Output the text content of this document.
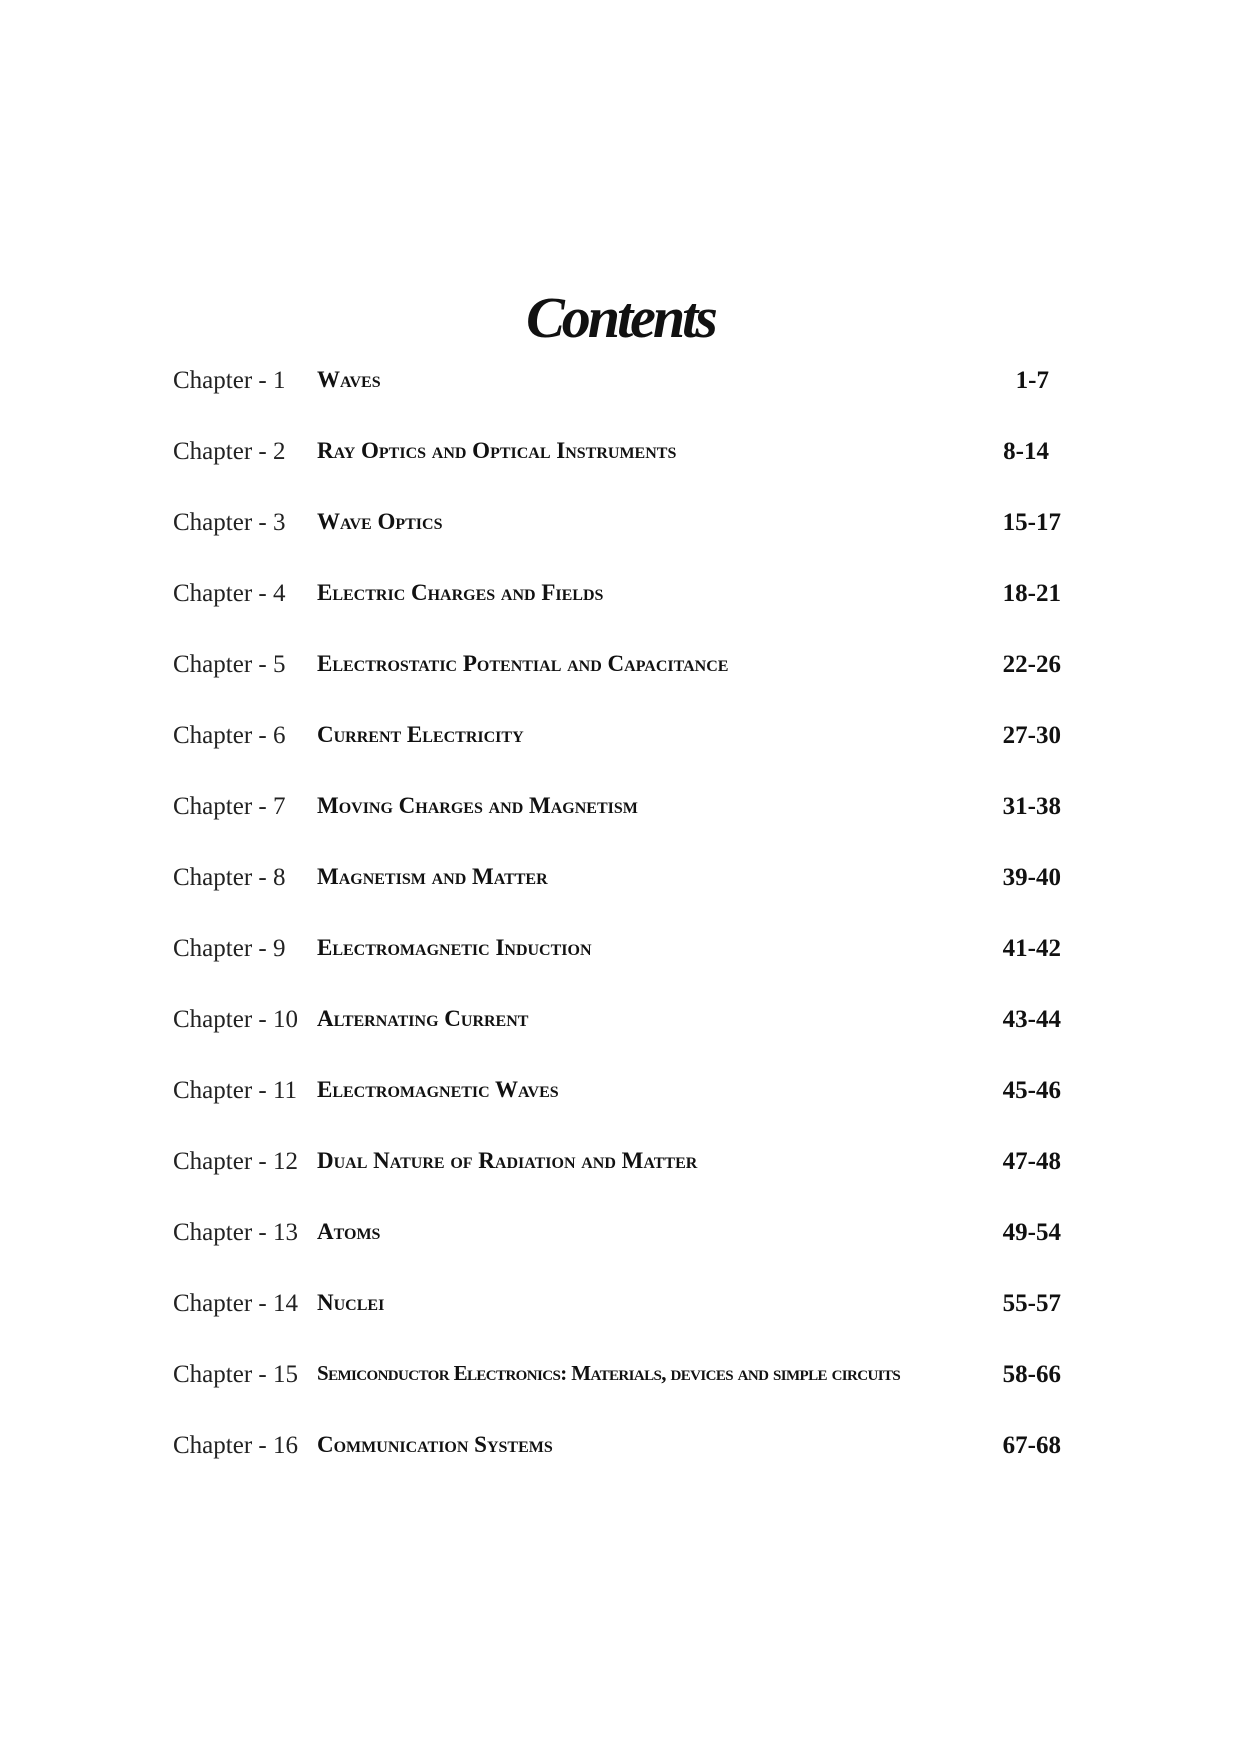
Contents
Chapter - 1 Waves	1-7
Chapter - 2 Ray Optics and Optical Instruments	8-14
Chapter - 3 Wave Optics	15-17
Chapter - 4 Electric Charges and Fields	18-21
Chapter - 5 Electrostatic Potential and Capacitance	22-26
Chapter - 6 Current Electricity	27-30
Chapter - 7 Moving Charges and Magnetism	31-38
Chapter - 8 Magnetism and Matter	39-40
Chapter - 9 Electromagnetic Induction	41-42
Chapter - 10 Alternating Current	43-44
Chapter - 11 Electromagnetic Waves	45-46
Chapter - 12 Dual Nature of Radiation and Matter	47-48
Chapter - 13 Atoms	49-54
Chapter - 14 Nuclei	55-57
Chapter - 15 Semiconductor Electronics: Materials, devices and simple circuits	58-66
Chapter - 16 Communication Systems	67-68
